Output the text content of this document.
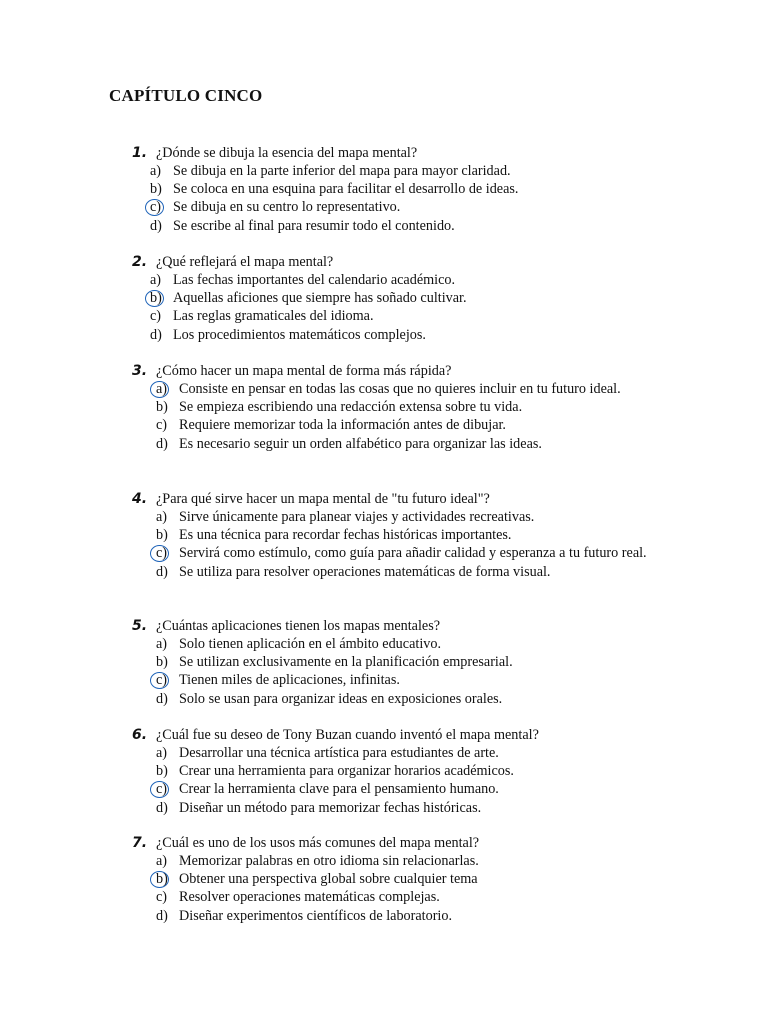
CAPÍTULO CINCO
1. ¿Dónde se dibuja la esencia del mapa mental?
a) Se dibuja en la parte inferior del mapa para mayor claridad.
b) Se coloca en una esquina para facilitar el desarrollo de ideas.
c) Se dibuja en su centro lo representativo.
d) Se escribe al final para resumir todo el contenido.
2. ¿Qué reflejará el mapa mental?
a) Las fechas importantes del calendario académico.
b) Aquellas aficiones que siempre has soñado cultivar.
c) Las reglas gramaticales del idioma.
d) Los procedimientos matemáticos complejos.
3. ¿Cómo hacer un mapa mental de forma más rápida?
a) Consiste en pensar en todas las cosas que no quieres incluir en tu futuro ideal.
b) Se empieza escribiendo una redacción extensa sobre tu vida.
c) Requiere memorizar toda la información antes de dibujar.
d) Es necesario seguir un orden alfabético para organizar las ideas.
4. ¿Para qué sirve hacer un mapa mental de "tu futuro ideal"?
a) Sirve únicamente para planear viajes y actividades recreativas.
b) Es una técnica para recordar fechas históricas importantes.
c) Servirá como estímulo, como guía para añadir calidad y esperanza a tu futuro real.
d) Se utiliza para resolver operaciones matemáticas de forma visual.
5. ¿Cuántas aplicaciones tienen los mapas mentales?
a) Solo tienen aplicación en el ámbito educativo.
b) Se utilizan exclusivamente en la planificación empresarial.
c) Tienen miles de aplicaciones, infinitas.
d) Solo se usan para organizar ideas en exposiciones orales.
6. ¿Cuál fue su deseo de Tony Buzan cuando inventó el mapa mental?
a) Desarrollar una técnica artística para estudiantes de arte.
b) Crear una herramienta para organizar horarios académicos.
c) Crear la herramienta clave para el pensamiento humano.
d) Diseñar un método para memorizar fechas históricas.
7. ¿Cuál es uno de los usos más comunes del mapa mental?
a) Memorizar palabras en otro idioma sin relacionarlas.
b) Obtener una perspectiva global sobre cualquier tema
c) Resolver operaciones matemáticas complejas.
d) Diseñar experimentos científicos de laboratorio.
